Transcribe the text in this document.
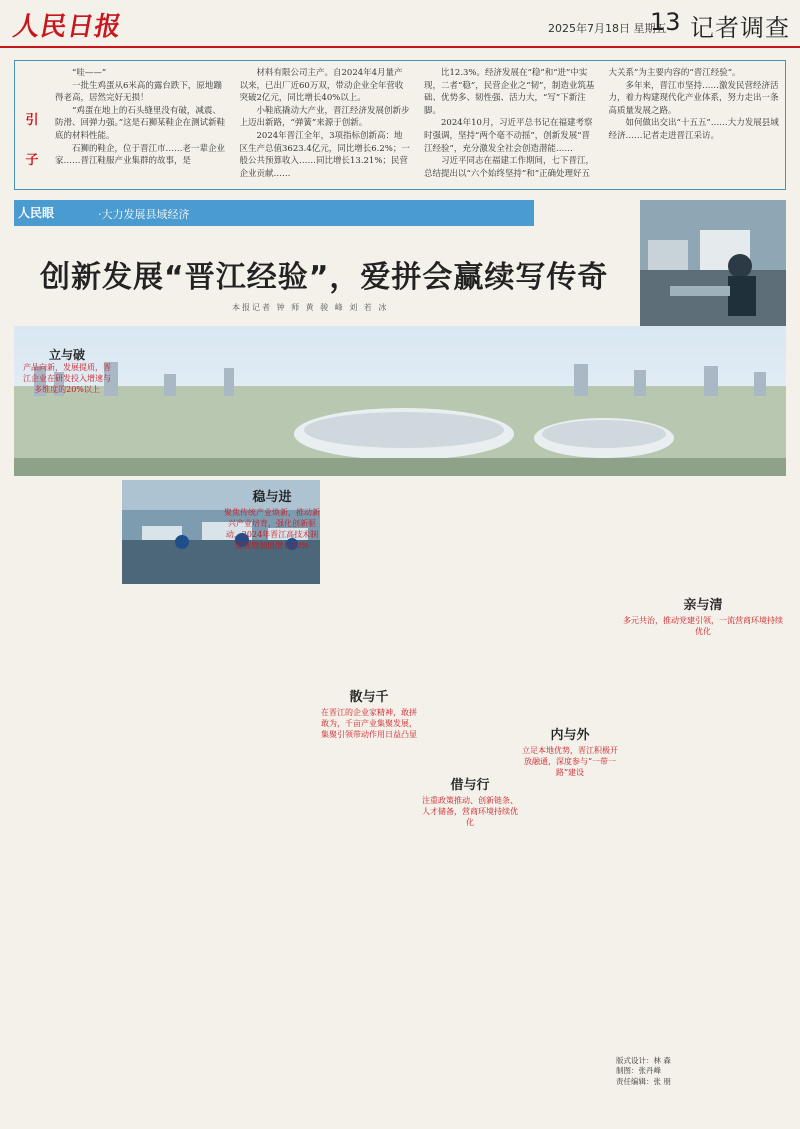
人民日报	2025年7月18日 星期五
13 记者调查
引子

“哇——”

一批生鸡蛋从6米高的露台跌下，原地蹦得老高，居然完好无损！

“鸡蛋在地上的石头缝里没有破，减震、防滑、回弹力强。”这是石狮某鞋企在测试新鞋底的材料性能。

石狮的鞋企，位于晋江市……老一辈企业家……晋江鞋服产业集群的故事，是

材料有限公司主产。自2024年4月量产以来，已出厂近60万双，带动企业全年营收突破2亿元，同比增长40%以上。

小鞋底撬动大产业，晋江经济发展创新步上迈出新路，“弹簧”来源于创新。

2024年晋江全年，3项指标创新高：地区生产总值3623.4亿元，同比增长6.2%；一般公共预算收入……同比增长13.21%；民营企业贡献……

比12.3%。经济发展在“稳”和“进”中实现，二者“稳”，民营企业之“韧”，制造业筑基础、优势多、韧性强、活力大，“写”下新注脚。

2024年10月，习近平总书记在福建考察时强调，坚持“两个毫不动摇”，创新发展“晋江经验”，充分激发全社会创造潜能……

习近平同志在福建工作期间，七下晋江，总结提出以“六个始终坚持”和“正确处理好五大关系”为主要内容的“晋江经验”。

多年来，晋江市坚持……激发民营经济活力，着力构建现代化产业体系，努力走出一条高质量发展之路。

如何做出交出“十五五”……大力发展县域经济……记者走进晋江采访。

人民眼	·大力发展县域经济
创新发展“晋江经验”，爱拼会赢续写传奇
本报记者 钟 师 黄 骏 峰 刘 若 冰
立与破
产品向新，发展提质，晋江企业在研发投入增速与多维度的20%以上
稳与进
聚焦传统产业焕新，推动新兴产业培育，强化创新驱动，2024年晋江高技术制造业增加值增长20%
散与千
在晋江的企业家精神，敢拼敢为，千亩产业集聚发展，集聚引领带动作用日益凸显
借与行
注重政策推动、创新链条、人才储备，营商环境持续优化
内与外
立足本地优势，晋江积极开放融通，深度参与“一带一路”建设
亲与清
多元共治，推动党建引领，一流营商环境持续优化
版式设计：林 森
制图：张丹峰
责任编辑：张 朋
